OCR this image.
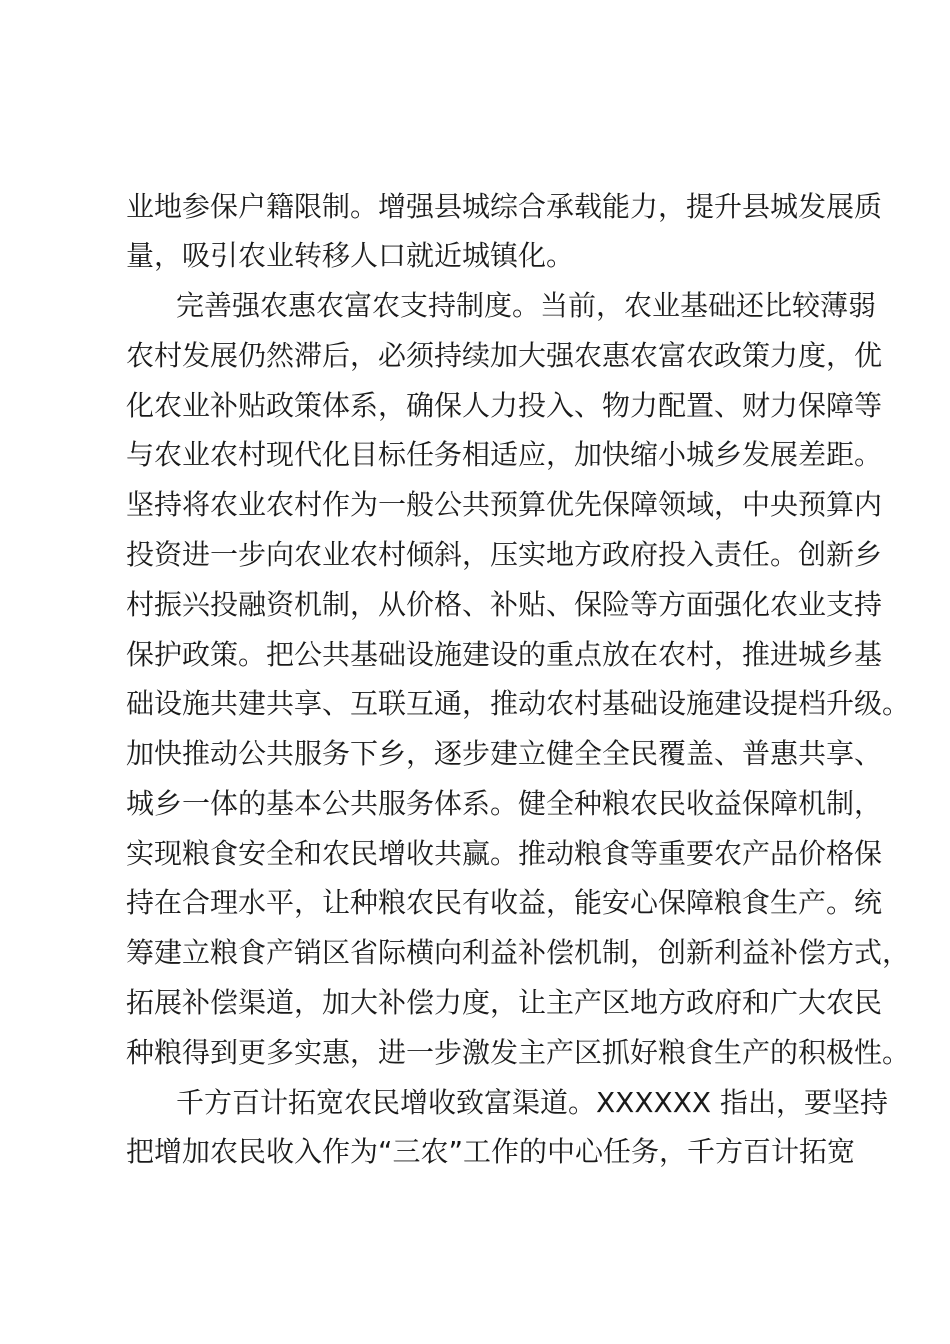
业地参保户籍限制。增强县城综合承载能力，提升县城发展质
量，吸引农业转移人口就近城镇化。
完善强农惠农富农支持制度。当前，农业基础还比较薄弱
农村发展仍然滞后，必须持续加大强农惠农富农政策力度，优
化农业补贴政策体系，确保人力投入、物力配置、财力保障等
与农业农村现代化目标任务相适应，加快缩小城乡发展差距。
坚持将农业农村作为一般公共预算优先保障领域，中央预算内
投资进一步向农业农村倾斜，压实地方政府投入责任。创新乡
村振兴投融资机制，从价格、补贴、保险等方面强化农业支持
保护政策。把公共基础设施建设的重点放在农村，推进城乡基
础设施共建共享、互联互通，推动农村基础设施建设提档升级。
加快推动公共服务下乡，逐步建立健全全民覆盖、普惠共享、
城乡一体的基本公共服务体系。健全种粮农民收益保障机制，
实现粮食安全和农民增收共赢。推动粮食等重要农产品价格保
持在合理水平，让种粮农民有收益，能安心保障粮食生产。统
筹建立粮食产销区省际横向利益补偿机制，创新利益补偿方式，
拓展补偿渠道，加大补偿力度，让主产区地方政府和广大农民
种粮得到更多实惠，进一步激发主产区抓好粮食生产的积极性。
千方百计拓宽农民增收致富渠道。XXXXXX 指出，要坚持
把增加农民收入作为“三农”工作的中心任务，千方百计拓宽
